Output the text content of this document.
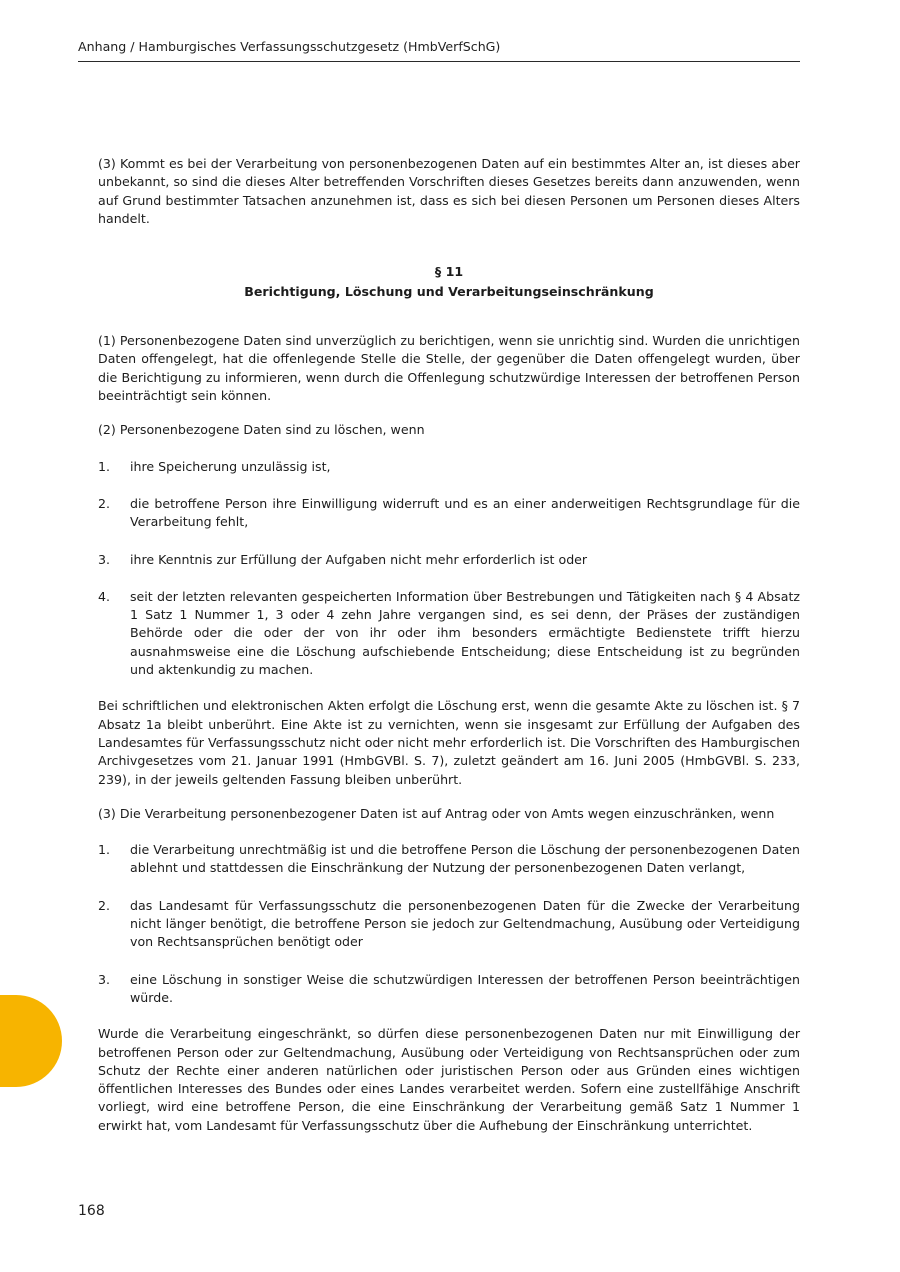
Anhang / Hamburgisches Verfassungsschutzgesetz (HmbVerfSchG)

(3) Kommt es bei der Verarbeitung von personenbezogenen Daten auf ein bestimmtes Alter an, ist dieses aber unbekannt, so sind die dieses Alter betreffenden Vorschriften dieses Gesetzes bereits dann anzuwenden, wenn auf Grund bestimmter Tatsachen anzunehmen ist, dass es sich bei diesen Personen um Personen dieses Alters handelt.

§ 11
Berichtigung, Löschung und Verarbeitungseinschränkung

(1) Personenbezogene Daten sind unverzüglich zu berichtigen, wenn sie unrichtig sind. Wurden die unrichtigen Daten offengelegt, hat die offenlegende Stelle die Stelle, der gegenüber die Daten offengelegt wurden, über die Berichtigung zu informieren, wenn durch die Offenlegung schutzwürdige Interessen der betroffenen Person beeinträchtigt sein können.

(2) Personenbezogene Daten sind zu löschen, wenn

1.	ihre Speicherung unzulässig ist,
2.	die betroffene Person ihre Einwilligung widerruft und es an einer anderweitigen Rechtsgrundlage für die Verarbeitung fehlt,
3.	ihre Kenntnis zur Erfüllung der Aufgaben nicht mehr erforderlich ist oder
4.	seit der letzten relevanten gespeicherten Information über Bestrebungen und Tätigkeiten nach § 4 Absatz 1 Satz 1 Nummer 1, 3 oder 4 zehn Jahre vergangen sind, es sei denn, der Präses der zuständigen Behörde oder die oder der von ihr oder ihm besonders ermächtigte Bedienstete trifft hierzu ausnahmsweise eine die Löschung aufschiebende Entscheidung; diese Entscheidung ist zu begründen und aktenkundig zu machen.

Bei schriftlichen und elektronischen Akten erfolgt die Löschung erst, wenn die gesamte Akte zu löschen ist. § 7 Absatz 1a bleibt unberührt. Eine Akte ist zu vernichten, wenn sie insgesamt zur Erfüllung der Aufgaben des Landesamtes für Verfassungsschutz nicht oder nicht mehr erforderlich ist. Die Vorschriften des Hamburgischen Archivgesetzes vom 21. Januar 1991 (HmbGVBl. S. 7), zuletzt geändert am 16. Juni 2005 (HmbGVBl. S. 233, 239), in der jeweils geltenden Fassung bleiben unberührt.

(3) Die Verarbeitung personenbezogener Daten ist auf Antrag oder von Amts wegen einzuschränken, wenn

1.	die Verarbeitung unrechtmäßig ist und die betroffene Person die Löschung der personenbezogenen Daten ablehnt und stattdessen die Einschränkung der Nutzung der personenbezogenen Daten verlangt,
2.	das Landesamt für Verfassungsschutz die personenbezogenen Daten für die Zwecke der Verarbeitung nicht länger benötigt, die betroffene Person sie jedoch zur Geltendmachung, Ausübung oder Verteidigung von Rechtsansprüchen benötigt oder
3.	eine Löschung in sonstiger Weise die schutzwürdigen Interessen der betroffenen Person beeinträchtigen würde.

Wurde die Verarbeitung eingeschränkt, so dürfen diese personenbezogenen Daten nur mit Einwilligung der betroffenen Person oder zur Geltendmachung, Ausübung oder Verteidigung von Rechtsansprüchen oder zum Schutz der Rechte einer anderen natürlichen oder juristischen Person oder aus Gründen eines wichtigen öffentlichen Interesses des Bundes oder eines Landes verarbeitet werden. Sofern eine zustellfähige Anschrift vorliegt, wird eine betroffene Person, die eine Einschränkung der Verarbeitung gemäß Satz 1 Nummer 1 erwirkt hat, vom Landesamt für Verfassungsschutz über die Aufhebung der Einschränkung unterrichtet.

168
